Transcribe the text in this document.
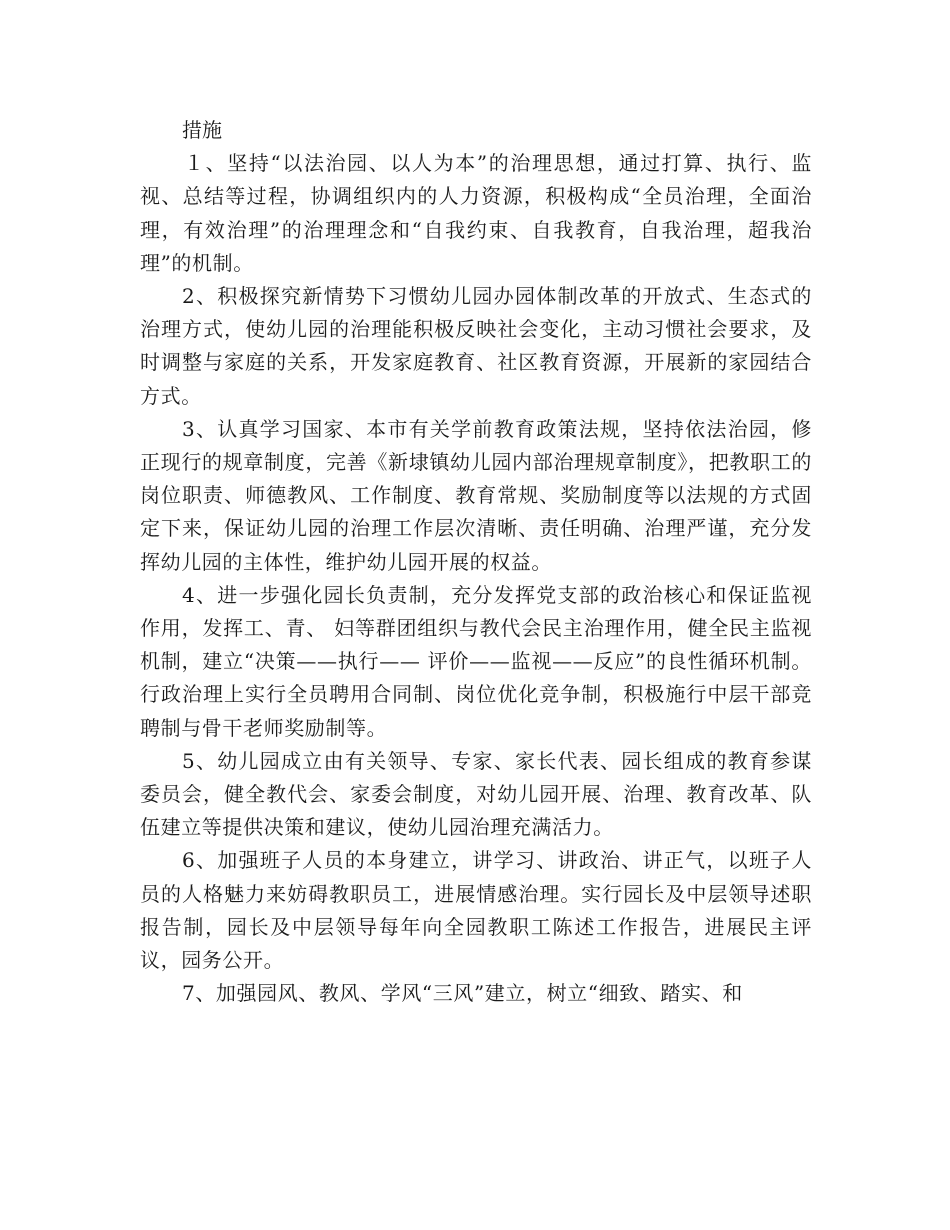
措施

１、坚持“以法治园、以人为本”的治理思想，通过打算、执行、监视、总结等过程，协调组织内的人力资源，积极构成“全员治理，全面治理，有效治理”的治理理念和“自我约束、自我教育，自我治理，超我治理”的机制。

2、积极探究新情势下习惯幼儿园办园体制改革的开放式、生态式的治理方式，使幼儿园的治理能积极反映社会变化，主动习惯社会要求，及时调整与家庭的关系，开发家庭教育、社区教育资源，开展新的家园结合方式。

3、认真学习国家、本市有关学前教育政策法规，坚持依法治园，修正现行的规章制度，完善《新埭镇幼儿园内部治理规章制度》，把教职工的岗位职责、师德教风、工作制度、教育常规、奖励制度等以法规的方式固定下来，保证幼儿园的治理工作层次清晰、责任明确、治理严谨，充分发挥幼儿园的主体性，维护幼儿园开展的权益。

4、进一步强化园长负责制，充分发挥党支部的政治核心和保证监视作用，发挥工、青、 妇等群团组织与教代会民主治理作用，健全民主监视机制，建立“决策——执行—— 评价——监视——反应”的良性循环机制。行政治理上实行全员聘用合同制、岗位优化竞争制，积极施行中层干部竞聘制与骨干老师奖励制等。

5、幼儿园成立由有关领导、专家、家长代表、园长组成的教育参谋委员会，健全教代会、家委会制度，对幼儿园开展、治理、教育改革、队伍建立等提供决策和建议，使幼儿园治理充满活力。

6、加强班子人员的本身建立，讲学习、讲政治、讲正气，以班子人员的人格魅力来妨碍教职员工，进展情感治理。实行园长及中层领导述职报告制，园长及中层领导每年向全园教职工陈述工作报告，进展民主评议，园务公开。

7、加强园风、教风、学风“三风”建立，树立“细致、踏实、和
